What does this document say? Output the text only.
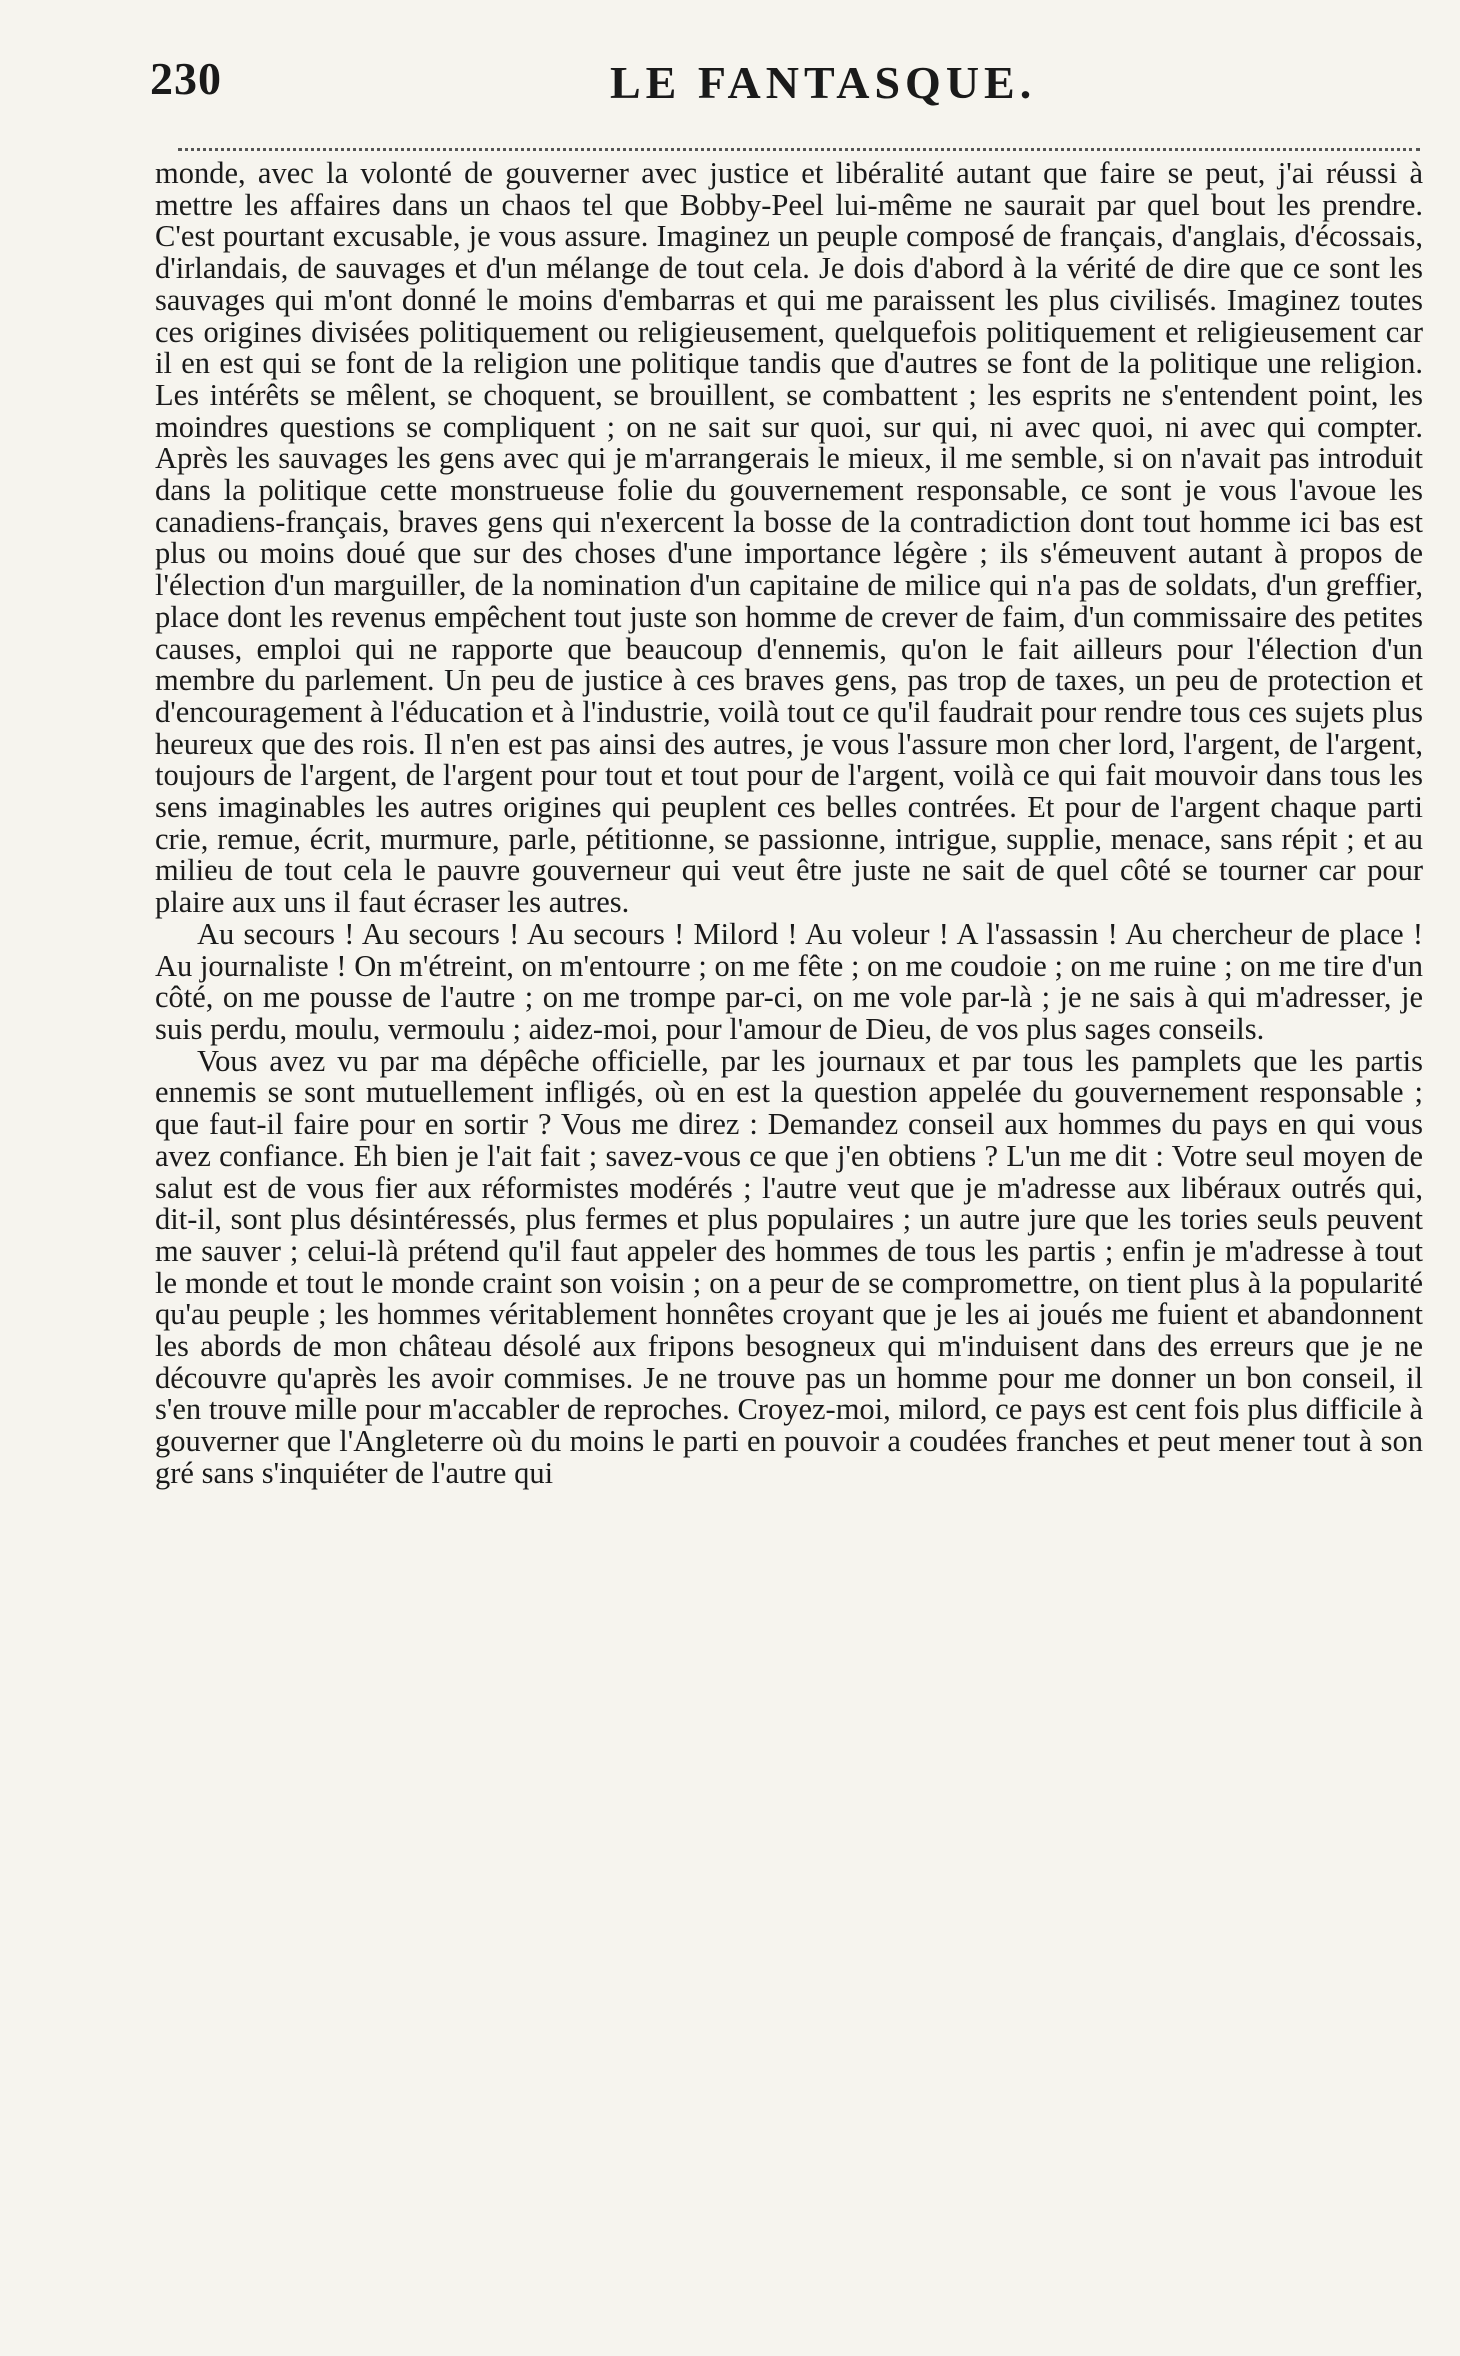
230	LE FANTASQUE.

monde, avec la volonté de gouverner avec justice et libéralité autant que faire se peut, j'ai réussi à mettre les affaires dans un chaos tel que Bobby-Peel lui-même ne saurait par quel bout les prendre. C'est pourtant excusable, je vous assure. Imaginez un peuple composé de français, d'anglais, d'écossais, d'irlandais, de sauvages et d'un mélange de tout cela. Je dois d'abord à la vérité de dire que ce sont les sauvages qui m'ont donné le moins d'embarras et qui me paraissent les plus civilisés. Imaginez toutes ces origines divisées politiquement ou religieusement, quelquefois politiquement et religieusement car il en est qui se font de la religion une politique tandis que d'autres se font de la politique une religion. Les intérêts se mêlent, se choquent, se brouillent, se combattent ; les esprits ne s'entendent point, les moindres questions se compliquent ; on ne sait sur quoi, sur qui, ni avec quoi, ni avec qui compter. Après les sauvages les gens avec qui je m'arrangerais le mieux, il me semble, si on n'avait pas introduit dans la politique cette monstrueuse folie du gouvernement responsable, ce sont je vous l'avoue les canadiens-français, braves gens qui n'exercent la bosse de la contradiction dont tout homme ici bas est plus ou moins doué que sur des choses d'une importance légère ; ils s'émeuvent autant à propos de l'élection d'un marguiller, de la nomination d'un capitaine de milice qui n'a pas de soldats, d'un greffier, place dont les revenus empêchent tout juste son homme de crever de faim, d'un commissaire des petites causes, emploi qui ne rapporte que beaucoup d'ennemis, qu'on le fait ailleurs pour l'élection d'un membre du parlement. Un peu de justice à ces braves gens, pas trop de taxes, un peu de protection et d'encouragement à l'éducation et à l'industrie, voilà tout ce qu'il faudrait pour rendre tous ces sujets plus heureux que des rois. Il n'en est pas ainsi des autres, je vous l'assure mon cher lord, l'argent, de l'argent, toujours de l'argent, de l'argent pour tout et tout pour de l'argent, voilà ce qui fait mouvoir dans tous les sens imaginables les autres origines qui peuplent ces belles contrées. Et pour de l'argent chaque parti crie, remue, écrit, murmure, parle, pétitionne, se passionne, intrigue, supplie, menace, sans répit ; et au milieu de tout cela le pauvre gouverneur qui veut être juste ne sait de quel côté se tourner car pour plaire aux uns il faut écraser les autres.

Au secours ! Au secours ! Au secours ! Milord ! Au voleur ! A l'assassin ! Au chercheur de place ! Au journaliste ! On m'étreint, on m'entourre ; on me fête ; on me coudoie ; on me ruine ; on me tire d'un côté, on me pousse de l'autre ; on me trompe par-ci, on me vole par-là ; je ne sais à qui m'adresser, je suis perdu, moulu, vermoulu ; aidez-moi, pour l'amour de Dieu, de vos plus sages conseils.

Vous avez vu par ma dépêche officielle, par les journaux et par tous les pamplets que les partis ennemis se sont mutuellement infligés, où en est la question appelée du gouvernement responsable ; que faut-il faire pour en sortir ? Vous me direz : Demandez conseil aux hommes du pays en qui vous avez confiance. Eh bien je l'ait fait ; savez-vous ce que j'en obtiens ? L'un me dit : Votre seul moyen de salut est de vous fier aux réformistes modérés ; l'autre veut que je m'adresse aux libéraux outrés qui, dit-il, sont plus désintéressés, plus fermes et plus populaires ; un autre jure que les tories seuls peuvent me sauver ; celui-là prétend qu'il faut appeler des hommes de tous les partis ; enfin je m'adresse à tout le monde et tout le monde craint son voisin ; on a peur de se compromettre, on tient plus à la popularité qu'au peuple ; les hommes véritablement honnêtes croyant que je les ai joués me fuient et abandonnent les abords de mon château désolé aux fripons besogneux qui m'induisent dans des erreurs que je ne découvre qu'après les avoir commises. Je ne trouve pas un homme pour me donner un bon conseil, il s'en trouve mille pour m'accabler de reproches. Croyez-moi, milord, ce pays est cent fois plus difficile à gouverner que l'Angleterre où du moins le parti en pouvoir a coudées franches et peut mener tout à son gré sans s'inquiéter de l'autre qui
